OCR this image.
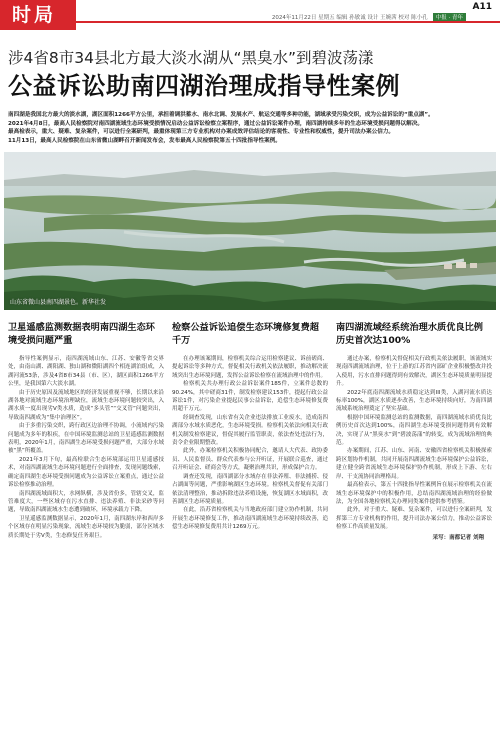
时局	2024年11月22日 星期五 编辑 孙敏诚 设计 王婉茜 校对 陈小孔 中报 · 青年
A11
涉4省8市34县北方最大淡水湖从“黑臭水”到碧波荡漾
公益诉讼助南四湖治理成指导性案例

南四湖是我国北方最大的淡水湖，湖区面积1266平方公里，承担着调洪蓄水、南水北调、发展水产、航运交通等多种功能，湖域承受污染交织，成为公益诉讼的“重点湖”。

2021年4月8日，最高人民检察院对南四湖流域生态环境受损情况启动公益诉讼检察立案程序，通过公益诉讼案件办理，南四湖持续多年的生态环境受损问题得以解决。

最高检表示，重大、疑难、复杂案件，可以进行全案研判，最重体现第三方专业机构对办案成效评估结论的客观性、专业性和权威性，提升司法办案公信力。

11月13日，最高人民检察院在山东省微山湖畔召开新闻发布会，发布最高人民检察院第五十四批指导性案例。

山东省微山县南四湖景色。新华社发
卫星遥感监测数据表明南四湖生态环境受损问题严重

指导性案例显示，南四湖流域山东、江苏、安徽等省交界处，由南山湖、湖阳湖、独山湖和微阳湖四个相连湖泊组成，入湖河流53条，涉及4省8市34县（市、区），湖区面积1266平方公里，是我国第六大淡水湖。

由于历史原因及流域地区的经济发展重视不够，长期以来沿湖各地对流域生态环境治理缺位，流域生态环境问题较突出，入湖水质一度出现劣V类水质，造成“多头管”“交叉管”问题突出，导致南四湖成为“集中治理区”。

由于多重污染交织，跨行政区边治理不协调，小流域内污染问题成为多年的积疾，在中国环境监测总站的卫星遥感监测数据表明，2020年1月，南四湖生态环境受损问题严重，大部分水域被“黑”所覆盖。

2021年3月下旬，最高检联合生态环境部运用卫星遥感技术，对南四湖流域生态环境问题进行全面排查，发现问题线索，确定南四湖生态环境受损问题成为公益诉讼立案重点，通过公益诉讼检察推动治理。

南四湖流域面积大，水网纵横，涉及省份多，管辖交叉，监管难度大，一些区域存在污水直排、违法养殖、非法采砂等问题，导致南四湖流域水生态遭到破坏，环境承载力下降。

卫星遥感监测数据显示，2020年1月，南四湖东岸和西岸多个区域存在明显污染现象，流域生态环境较为脆弱，部分区域水质长期处于劣V类，生态修复任务艰巨。

检察公益诉讼追偿生态环境修复费超千万

在办理该案期间，检察机关综合运用检察建议、诉前磋商、提起诉讼等多种方式，督促相关行政机关依法履职，推动解决流域突出生态环境问题，发挥公益诉讼检察在流域治理中的作用。

检察机关共办理行政公益诉讼案件185件，立案件总数的90.24%，其中磋商31件，制发检察建议153件，提起行政公益诉讼1件，对污染企业提起民事公益诉讼，追偿生态环境修复费用超千万元。

经调查发现，山东省有关企业违法排放工业废水，造成南四湖部分水域水质恶化，生态环境受损。检察机关依法向相关行政机关制发检察建议，督促其履行监管职责，依法查处违法行为，责令企业限期整改。

此外，办案检察机关积极协同配合，邀请人大代表、政协委员、人民监督员、群众代表参与公开听证，开展联合巡查，通过召开听证会、磋商会等方式，凝聚治理共识，形成保护合力。

调查还发现，南四湖部分水域存在非法养殖、非法捕捞、侵占湖面等问题，严重影响湖区生态环境。检察机关督促有关部门依法清理整治，推动拆除违法养殖设施，恢复湖区水域面积，改善湖区生态环境质量。

在此，沿苏省检察机关与当地政府部门建立协作机制，共同开展生态环境修复工作，推动南四湖流域生态环境持续改善，追偿生态环境修复费用共计1269万元。

南四湖流域经系统治理水质优良比例历史首次达100%

通过办案，检察机关督促相关行政机关依法履职，该流域实现南四湖流域治理，位于上游的江苏省内部矿企业积极整改并投入使用，污水直排问题得到有效解决，湖区生态环境质量明显提升。

2022年底南四湖流域水质稳定达到III类，入湖河流水质达标率100%，湖区水质逐步改善，生态环境持续向好，为南四湖流域系统治理奠定了坚实基础。

根据中国环境监测总站的监测数据，南四湖流域水质优良比例历史首次达到100%，南四湖生态环境受损问题得到有效解决，实现了从“黑臭水”到“碧波荡漾”的转变，成为流域治理的典范。

办案期间，江苏、山东、河南、安徽四省检察机关积极探索跨区划协作机制，共同开展南四湖流域生态环境保护公益诉讼，建立健全跨省流域生态环境保护协作机制，形成上下游、左右岸、干支流协同治理格局。

最高检表示，第五十四批指导性案例旨在展示检察机关在流域生态环境保护中的积极作用，总结南四湖流域治理的经验做法，为全国各地检察机关办理同类案件提供参考借鉴。

此外，对于重大、疑难、复杂案件，可以进行全案研判，发挥第三方专业机构的作用，提升司法办案公信力，推动公益诉讼检察工作高质量发展。

采写：南都记者 刘翔
